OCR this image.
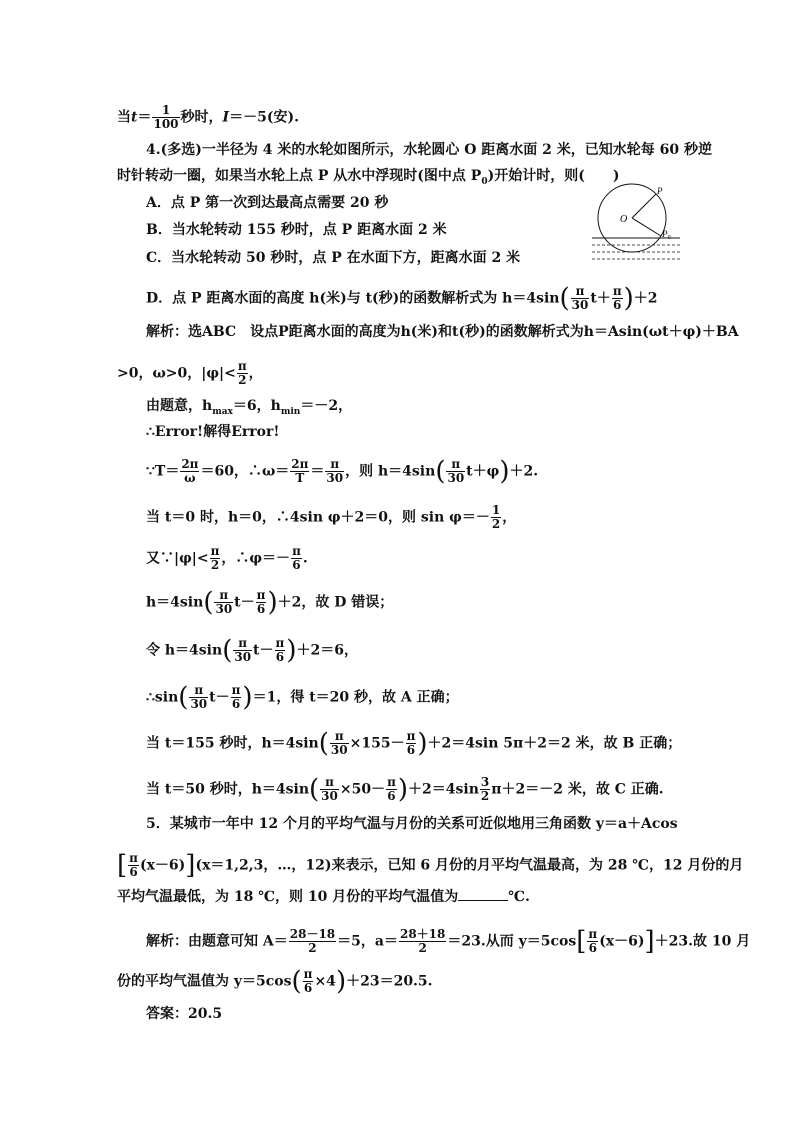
当$t= \frac{1}{100}$ 秒时，I＝－5(安).
4.(多选)一半径为 4 米的水轮如图所示，水轮圆心 O 距离水面 2 米，已知水轮每 60 秒逆
时针转动一圈，如果当水轮上点 P 从水中浮现时(图中点 $P_0$)开始计时，则(　　)
A．点 P 第一次到达最高点需要 20 秒
B．当水轮转动 155 秒时，点 P 距离水面 2 米
C．当水轮转动 50 秒时，点 P 在水面下方，距离水面 2 米
D．点 P 距离水面的高度 h(米)与 t(秒)的函数解析式为 $h=4\sin( \frac{\pi}{30} t+ \frac{\pi}{6} )+2$
O
P
$P_0$
解析：选ABC　设点P距离水面的高度为h(米)和t(秒)的函数解析式为h＝Asin(ωt＋φ)＋BA
>0，ω>0，$|\varphi|< \frac{\pi}{2}$ ，
由题意，$h_{max}=6$，$h_{min}=-2$，
∴Error!解得Error!
∵T＝ $\frac{2\pi}{\omega} =60$，∴ω＝ $\frac{2\pi}{T} = \frac{\pi}{30}$ ，则 $h=4\sin( \frac{\pi}{30} t+\varphi)+2$.
当 t＝0 时，h＝0，∴4sin φ＋2＝0，则 $\sin \varphi=- \frac{1}{2}$ ，
又∵|φ|< $\frac{\pi}{2}$ ，∴φ＝－ $\frac{\pi}{6}$ .
$h=4\sin( \frac{\pi}{30} t- \frac{\pi}{6} )+2$，故 D 错误；
令 $h=4\sin( \frac{\pi}{30} t- \frac{\pi}{6} )+2=6$，
∴sin( $\frac{\pi}{30} t- \frac{\pi}{6} )=1$，得 t＝20 秒，故 A 正确；
当 t＝155 秒时，$h=4\sin( \frac{\pi}{30} \times 155- \frac{\pi}{6} )+2=4\sin$ 5π＋2＝2 米，故 B 正确；
当 t＝50 秒时，$h=4\sin( \frac{\pi}{30} \times 50- \frac{\pi}{6} )+2=4\sin \frac{3}{2} \pi+2=-2$ 米，故 C 正确.
5．某城市一年中 12 个月的平均气温与月份的关系可近似地用三角函数 y＝a＋Acos
[ $\frac{\pi}{6} (x-6)](x=1,2,3$，…，12)来表示，已知 6 月份的月平均气温最高，为 28 ℃，12 月份的月
平均气温最低，为 18 ℃，则 10 月份的平均气温值为	℃.
解析：由题意可知 $A= \frac{28-18}{2} =5$，$a= \frac{28+18}{2} =23$.从而 $y=5\cos[ \frac{\pi}{6} (x-6)]+23$.故 10 月
份的平均气温值为 $y=5\cos( \frac{\pi}{6} \times 4)+23=20.5$.
答案：20.5
